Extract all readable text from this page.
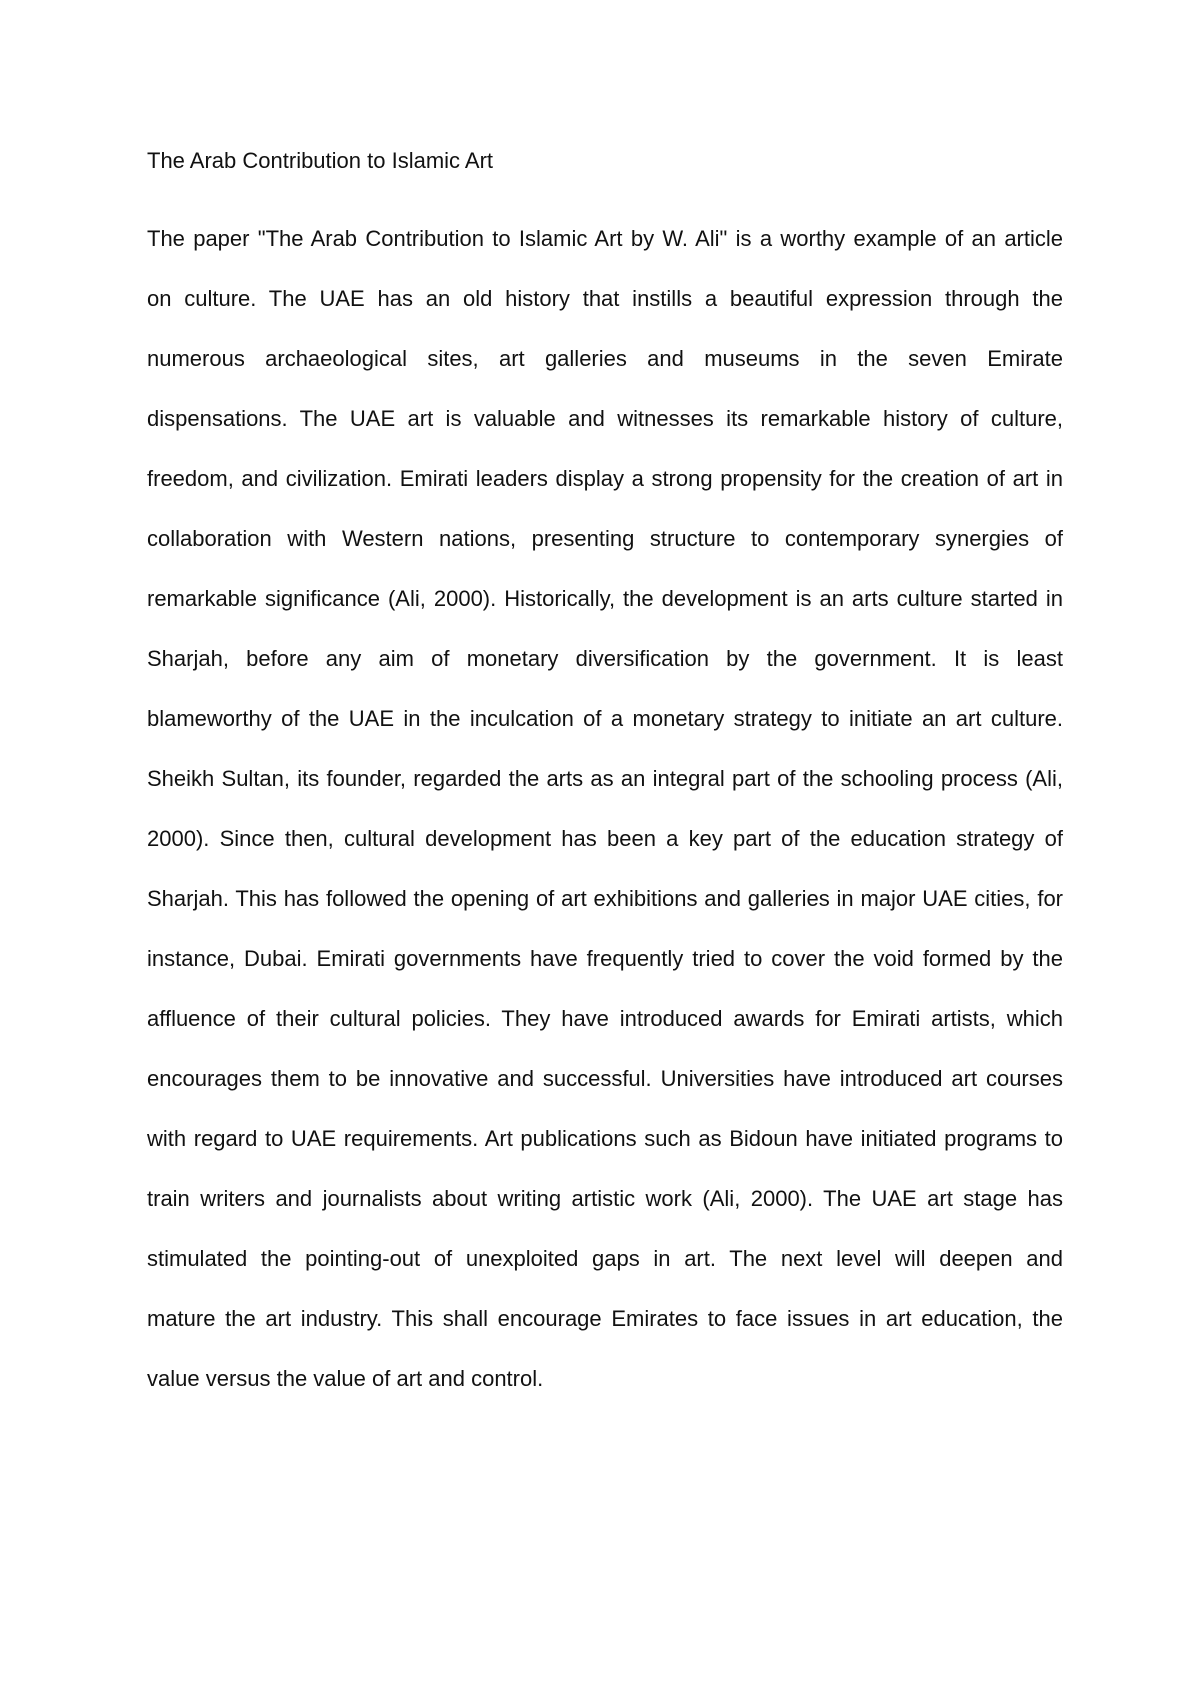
The Arab Contribution to Islamic Art
The paper "The Arab Contribution to Islamic Art by W. Ali" is a worthy example of an article
on culture. The UAE has an old history that instills a beautiful expression through the
numerous archaeological sites, art galleries and museums in the seven Emirate
dispensations. The UAE art is valuable and witnesses its remarkable history of culture,
freedom, and civilization. Emirati leaders display a strong propensity for the creation of art in
collaboration with Western nations, presenting structure to contemporary synergies of
remarkable significance (Ali, 2000). Historically, the development is an arts culture started in
Sharjah, before any aim of monetary diversification by the government. It is least
blameworthy of the UAE in the inculcation of a monetary strategy to initiate an art culture.
Sheikh Sultan, its founder, regarded the arts as an integral part of the schooling process (Ali,
2000). Since then, cultural development has been a key part of the education strategy of
Sharjah. This has followed the opening of art exhibitions and galleries in major UAE cities, for
instance, Dubai. Emirati governments have frequently tried to cover the void formed by the
affluence of their cultural policies. They have introduced awards for Emirati artists, which
encourages them to be innovative and successful. Universities have introduced art courses
with regard to UAE requirements. Art publications such as Bidoun have initiated programs to
train writers and journalists about writing artistic work (Ali, 2000). The UAE art stage has
stimulated the pointing-out of unexploited gaps in art. The next level will deepen and
mature the art industry. This shall encourage Emirates to face issues in art education, the
value versus the value of art and control.
